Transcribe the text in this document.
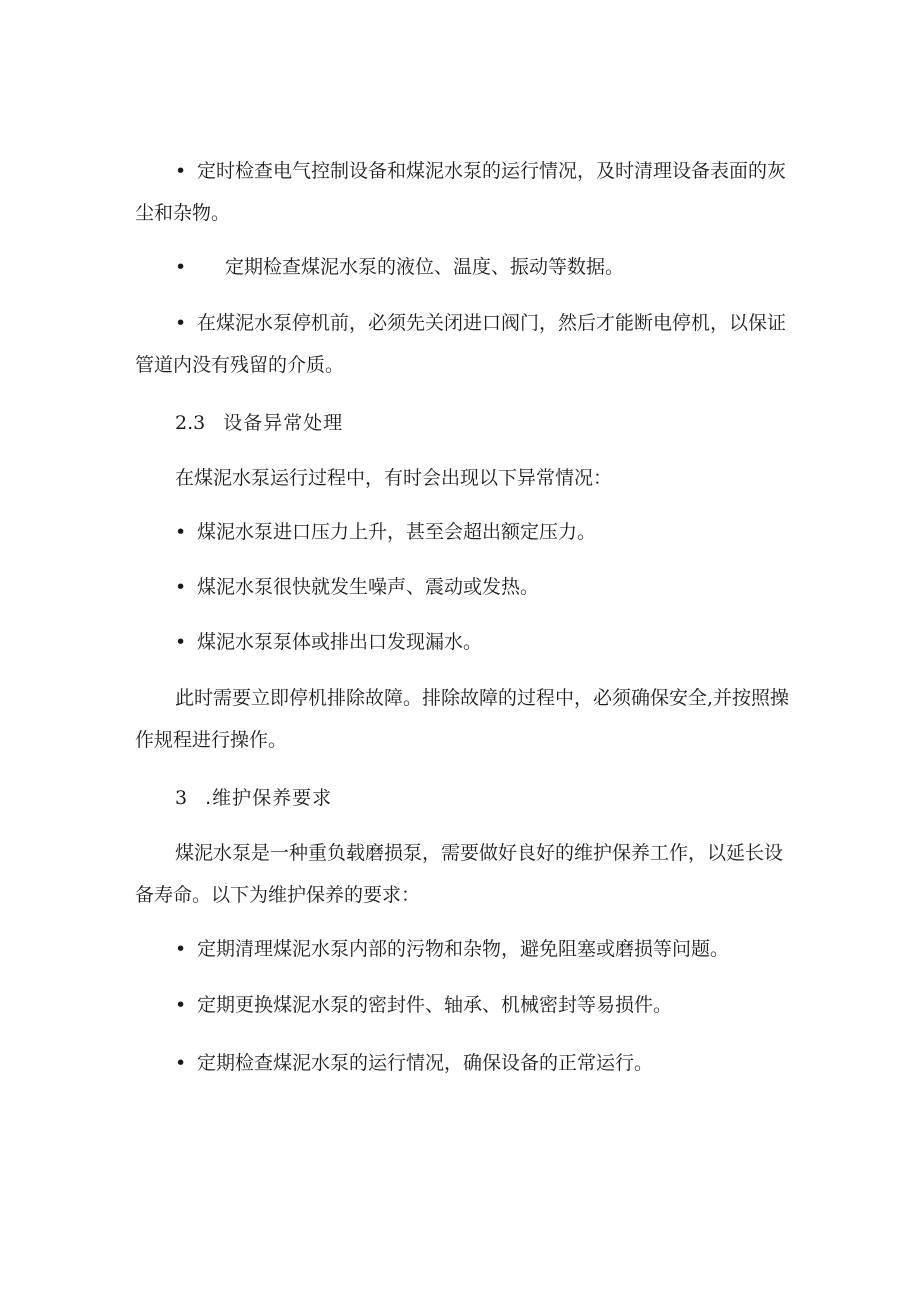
• 定时检查电气控制设备和煤泥水泵的运行情况，及时清理设备表面的灰尘和杂物。

• 定期检查煤泥水泵的液位、温度、振动等数据。

• 在煤泥水泵停机前，必须先关闭进口阀门，然后才能断电停机，以保证管道内没有残留的介质。

2.3 设备异常处理

在煤泥水泵运行过程中，有时会出现以下异常情况：

• 煤泥水泵进口压力上升，甚至会超出额定压力。

• 煤泥水泵很快就发生噪声、震动或发热。

• 煤泥水泵泵体或排出口发现漏水。

此时需要立即停机排除故障。排除故障的过程中，必须确保安全,并按照操作规程进行操作。

3 .维护保养要求

煤泥水泵是一种重负载磨损泵，需要做好良好的维护保养工作，以延长设备寿命。以下为维护保养的要求：

• 定期清理煤泥水泵内部的污物和杂物，避免阻塞或磨损等问题。

• 定期更换煤泥水泵的密封件、轴承、机械密封等易损件。

• 定期检查煤泥水泵的运行情况，确保设备的正常运行。
